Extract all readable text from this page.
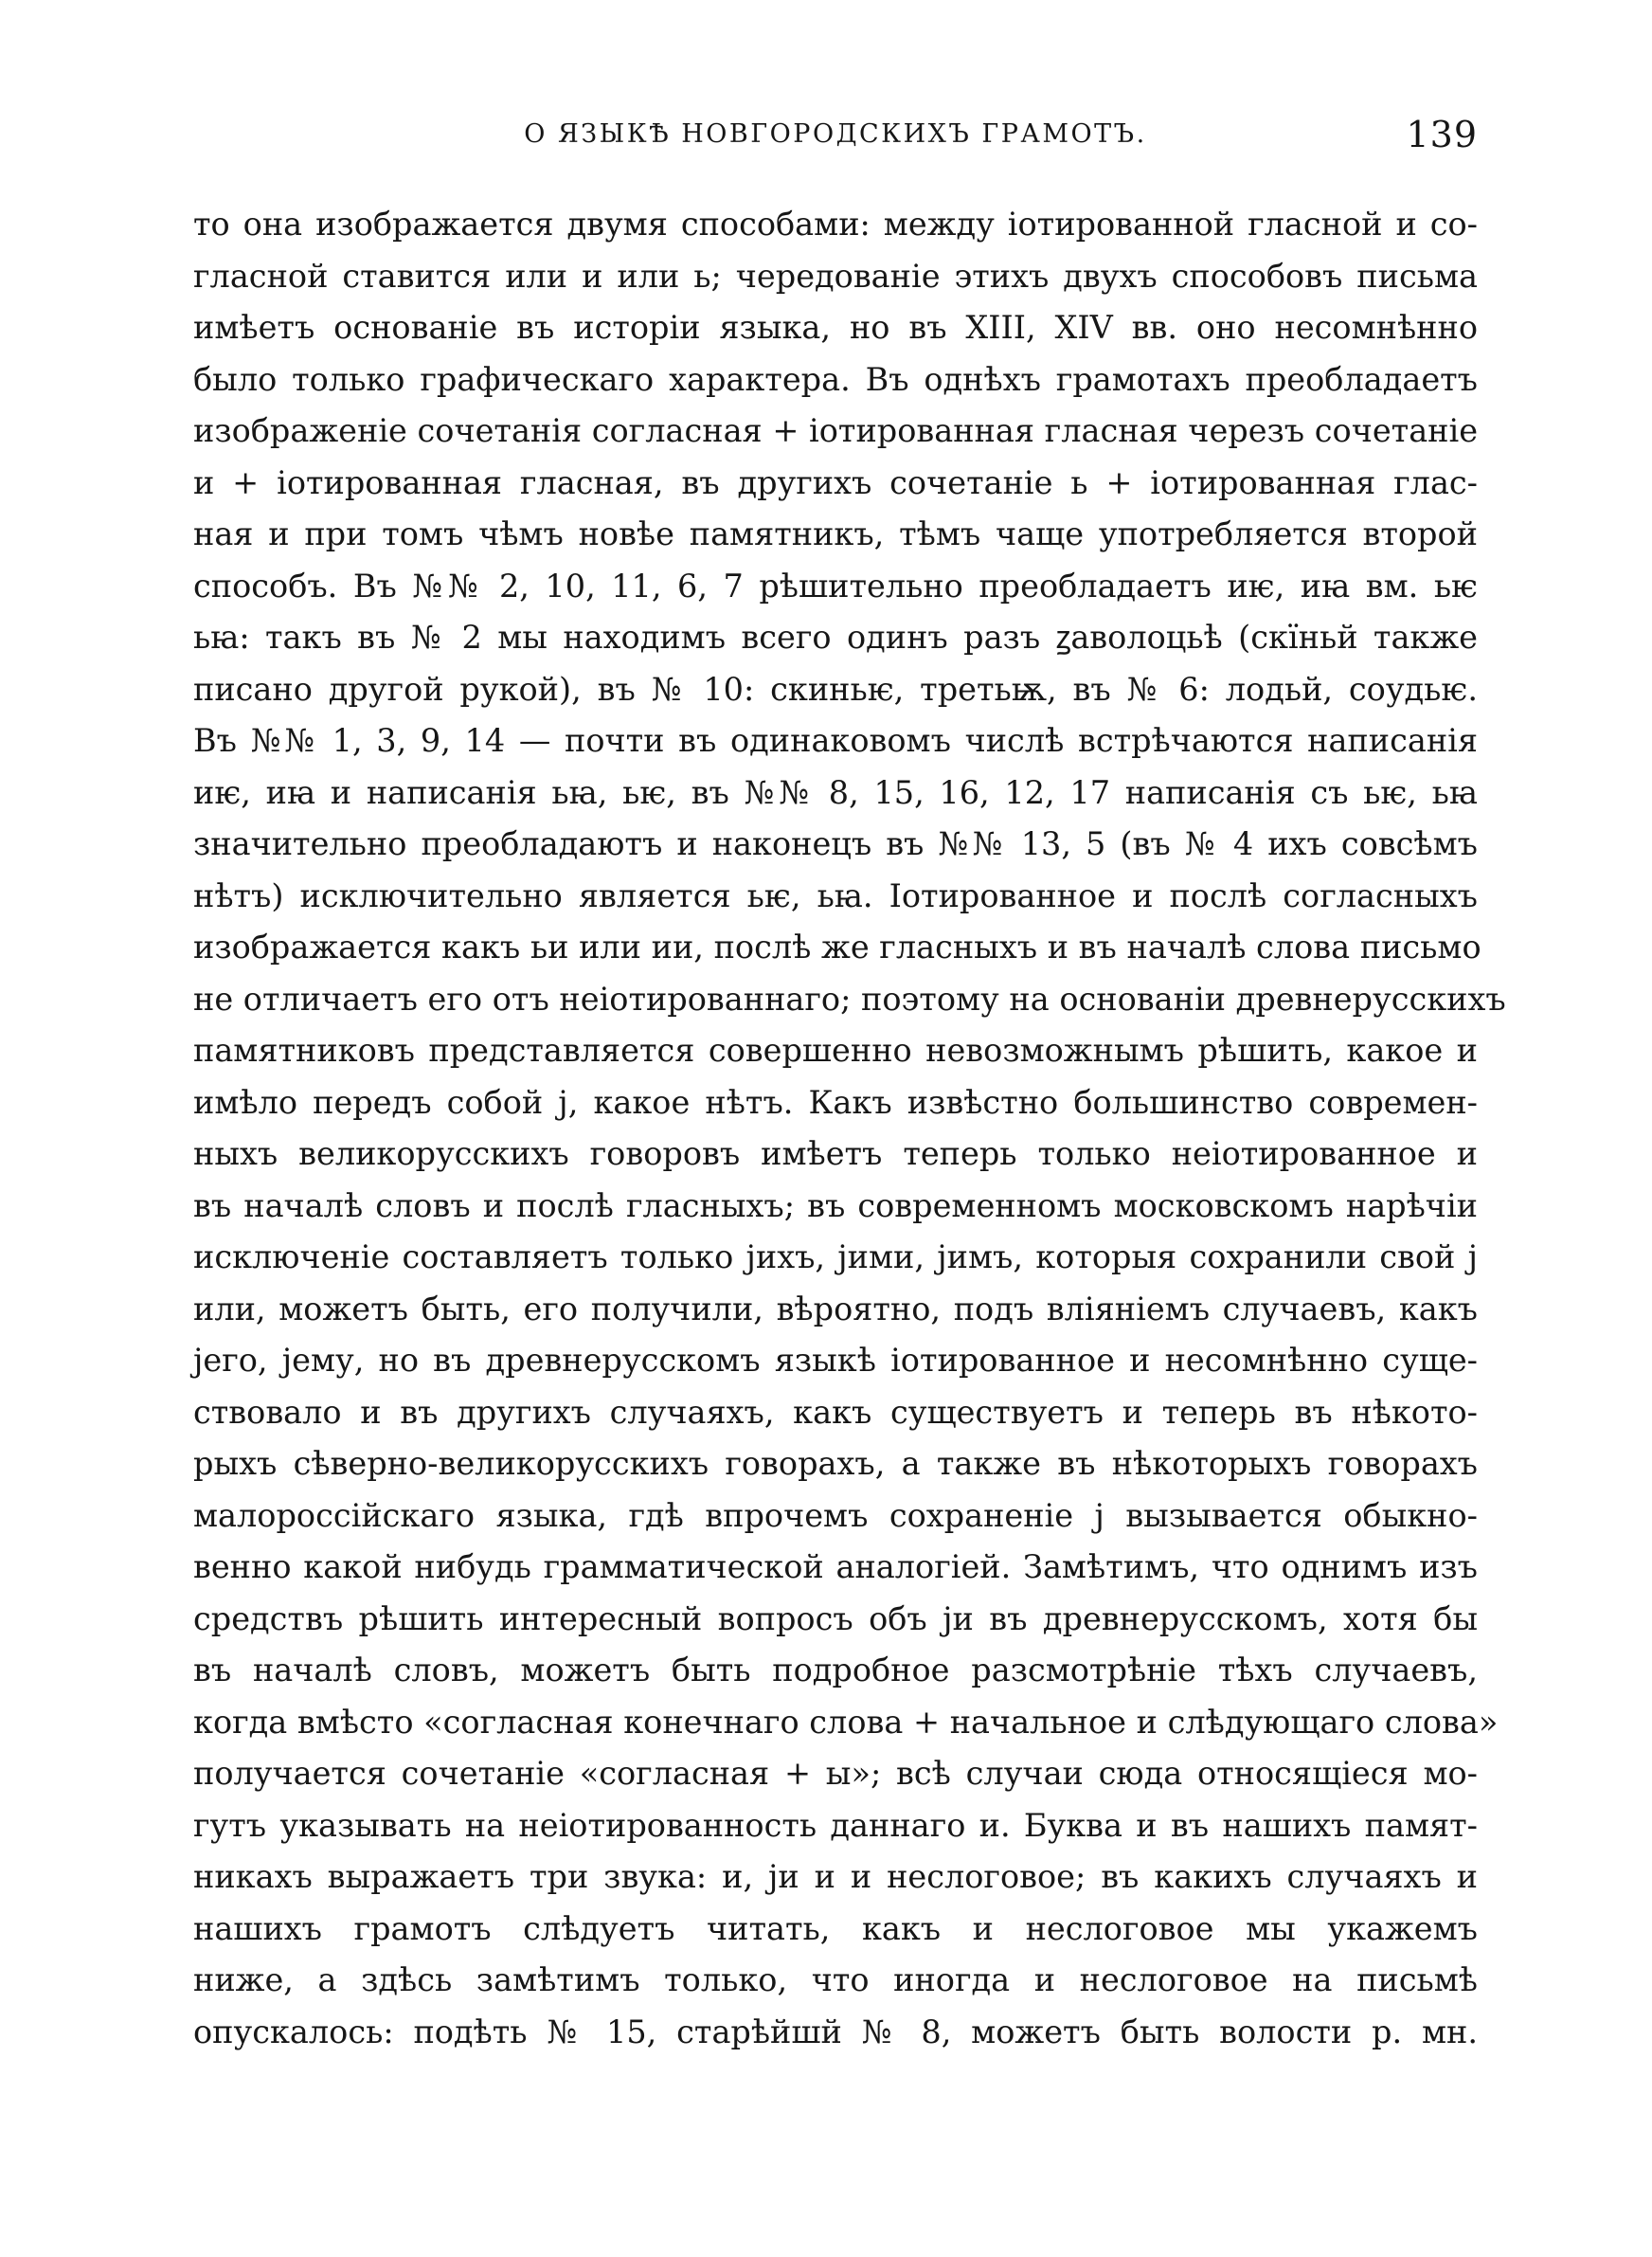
О ЯЗЫКѢ НОВГОРОДСКИХЪ ГРАМОТЪ.	139
то она изображается двумя способами: между іотированной гласной и со-
гласной ставится или и или ь; чередованіе этихъ двухъ способовъ письма
имѣетъ основаніе въ исторіи языка, но въ XIII, XIV вв. оно несомнѣнно
было только графическаго характера. Въ однѣхъ грамотахъ преобладаетъ
изображеніе сочетанія согласная + іотированная гласная черезъ сочетаніе
и + іотированная гласная, въ другихъ сочетаніе ь + іотированная глас-
ная и при томъ чѣмъ новѣе памятникъ, тѣмъ чаще употребляется второй
способъ. Въ №№ 2, 10, 11, 6, 7 рѣшительно преобладаетъ иѥ, иꙗ вм. ьѥ
ьꙗ: такъ въ № 2 мы находимъ всего одинъ разъ ꙁаволоцьѣ (скїньй также
писано другой рукой), въ № 10: скиньѥ, третьѭ, въ № 6: лодьй, соудьѥ.
Въ №№ 1, 3, 9, 14 — почти въ одинаковомъ числѣ встрѣчаются написанія
иѥ, иꙗ и написанія ьꙗ, ьѥ, въ №№ 8, 15, 16, 12, 17 написанія съ ьѥ, ьꙗ
значительно преобладаютъ и наконецъ въ №№ 13, 5 (въ № 4 ихъ совсѣмъ
нѣтъ) исключительно является ьѥ, ьꙗ. Іотированное и послѣ согласныхъ
изображается какъ ьи или ии, послѣ же гласныхъ и въ началѣ слова письмо
не отличаетъ его отъ неіотированнаго; поэтому на основаніи древнерусскихъ
памятниковъ представляется совершенно невозможнымъ рѣшить, какое и
имѣло передъ собой j, какое нѣтъ. Какъ извѣстно большинство современ-
ныхъ великорусскихъ говоровъ имѣетъ теперь только неіотированное и
въ началѣ словъ и послѣ гласныхъ; въ современномъ московскомъ нарѣчіи
исключеніе составляетъ только jихъ, jими, jимъ, которыя сохранили свой j
или, можетъ быть, его получили, вѣроятно, подъ вліяніемъ случаевъ, какъ
jего, jему, но въ древнерусскомъ языкѣ іотированное и несомнѣнно суще-
ствовало и въ другихъ случаяхъ, какъ существуетъ и теперь въ нѣкото-
рыхъ сѣверно-великорусскихъ говорахъ, а также въ нѣкоторыхъ говорахъ
малороссійскаго языка, гдѣ впрочемъ сохраненіе j вызывается обыкно-
венно какой нибудь грамматической аналогіей. Замѣтимъ, что однимъ изъ
средствъ рѣшить интересный вопросъ объ jи въ древнерусскомъ, хотя бы
въ началѣ словъ, можетъ быть подробное разсмотрѣніе тѣхъ случаевъ,
когда вмѣсто «согласная конечнаго слова + начальное и слѣдующаго слова»
получается сочетаніе «согласная + ы»; всѣ случаи сюда относящіеся мо-
гутъ указывать на неіотированность даннаго и. Буква и въ нашихъ памят-
никахъ выражаетъ три звука: и, jи и и неслоговое; въ какихъ случаяхъ и
нашихъ грамотъ слѣдуетъ читать, какъ и неслоговое мы укажемъ
ниже, а здѣсь замѣтимъ только, что иногда и неслоговое на письмѣ
опускалось: подѣть № 15, старѣйшй № 8, можетъ быть волости р. мн.
